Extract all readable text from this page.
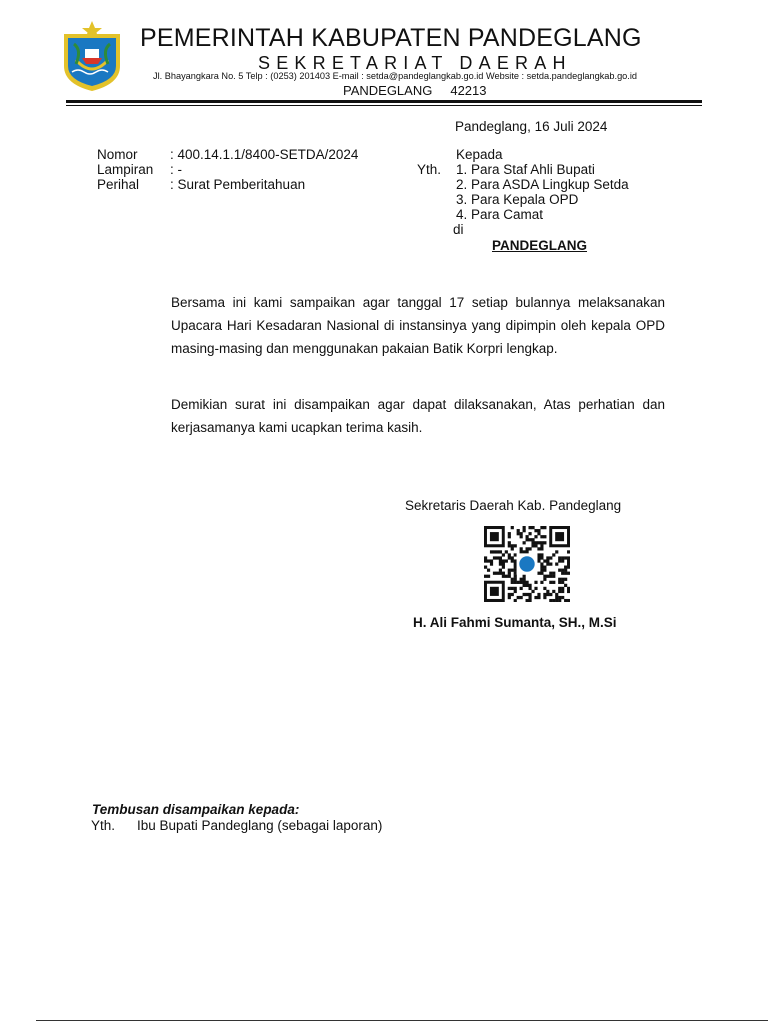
PEMERINTAH KABUPATEN PANDEGLANG
SEKRETARIAT DAERAH
Jl. Bhayangkara No. 5 Telp : (0253) 201403 E-mail : setda@pandeglangkab.go.id Website : setda.pandeglangkab.go.id
PANDEGLANG 42213
Pandeglang, 16 Juli 2024
Nomor : 400.14.1.1/8400-SETDA/2024
Lampiran : -
Perihal : Surat Pemberitahuan
Kepada
Yth. 1. Para Staf Ahli Bupati
2. Para ASDA Lingkup Setda
3. Para Kepala OPD
4. Para Camat
di
PANDEGLANG
Bersama ini kami sampaikan agar tanggal 17 setiap bulannya melaksanakan Upacara Hari Kesadaran Nasional di instansinya yang dipimpin oleh kepala OPD masing-masing dan menggunakan pakaian Batik Korpri lengkap.
Demikian surat ini disampaikan agar dapat dilaksanakan, Atas perhatian dan kerjasamanya kami ucapkan terima kasih.
Sekretaris Daerah Kab. Pandeglang
H. Ali Fahmi Sumanta, SH., M.Si
Tembusan disampaikan kepada:
Yth. Ibu Bupati Pandeglang (sebagai laporan)
